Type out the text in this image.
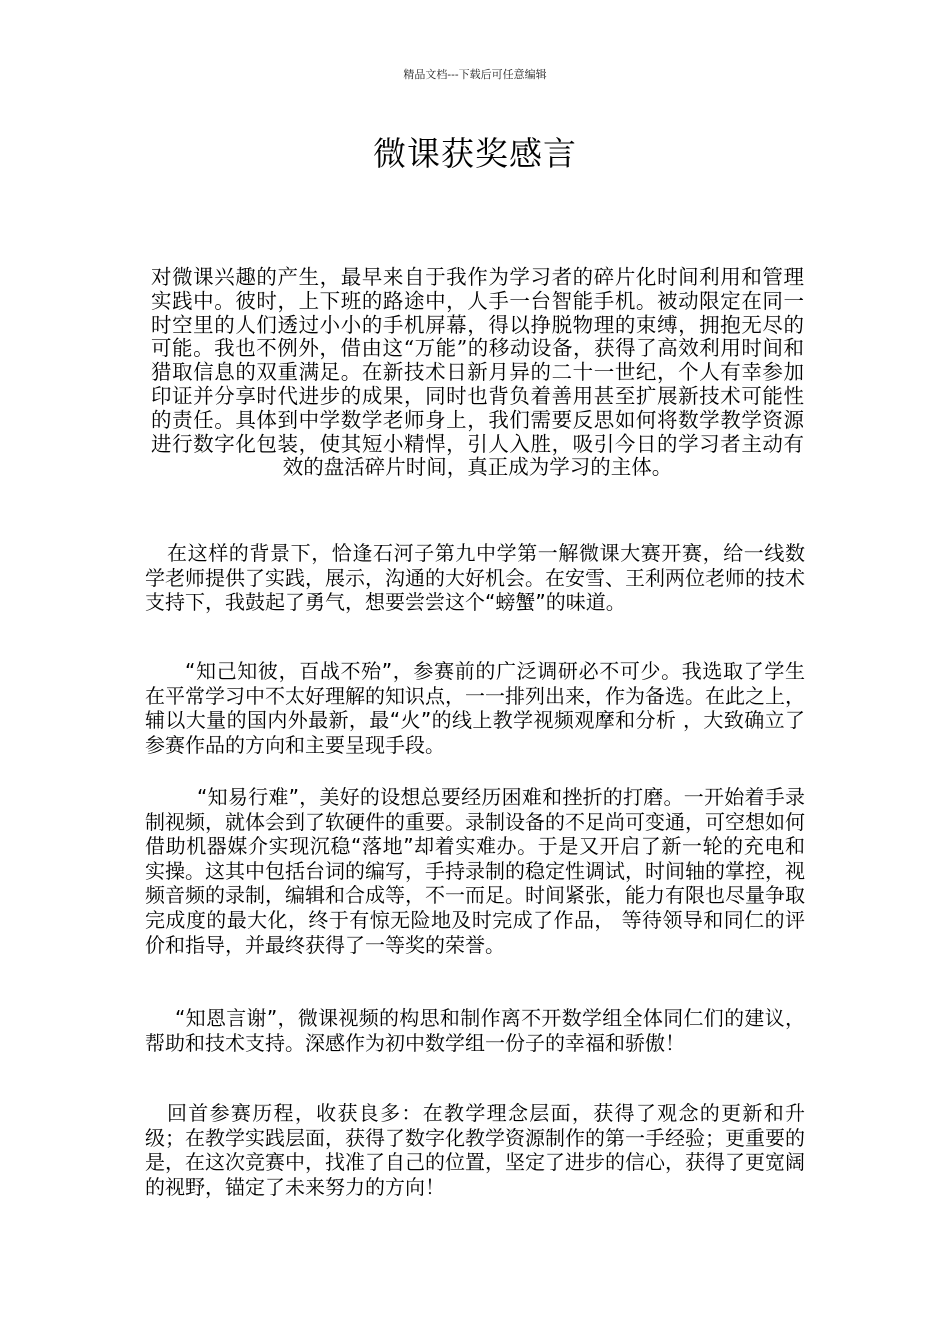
精品文档---下载后可任意编辑
微课获奖感言

对微课兴趣的产生，最早来自于我作为学习者的碎片化时间利用和管理实践中。彼时，上下班的路途中，人手一台智能手机。被动限定在同一时空里的人们透过小小的手机屏幕，得以挣脱物理的束缚，拥抱无尽的可能。我也不例外，借由这“万能”的移动设备，获得了高效利用时间和猎取信息的双重满足。在新技术日新月异的二十一世纪，个人有幸参加印证并分享时代进步的成果，同时也背负着善用甚至扩展新技术可能性的责任。具体到中学数学老师身上，我们需要反思如何将数学教学资源进行数字化包装，使其短小精悍，引人入胜，吸引今日的学习者主动有效的盘活碎片时间，真正成为学习的主体。

在这样的背景下，恰逢石河子第九中学第一解微课大赛开赛，给一线数学老师提供了实践，展示，沟通的大好机会。在安雪、王利两位老师的技术支持下，我鼓起了勇气，想要尝尝这个“螃蟹”的味道。

“知己知彼，百战不殆”，参赛前的广泛调研必不可少。我选取了学生在平常学习中不太好理解的知识点，一一排列出来，作为备选。在此之上，辅以大量的国内外最新，最“火”的线上教学视频观摩和分析 ，大致确立了参赛作品的方向和主要呈现手段。

“知易行难”，美好的设想总要经历困难和挫折的打磨。一开始着手录制视频，就体会到了软硬件的重要。录制设备的不足尚可变通，可空想如何借助机器媒介实现沉稳“落地”却着实难办。于是又开启了新一轮的充电和实操。这其中包括台词的编写，手持录制的稳定性调试，时间轴的掌控，视频音频的录制，编辑和合成等，不一而足。时间紧张，能力有限也尽量争取完成度的最大化，终于有惊无险地及时完成了作品， 等待领导和同仁的评价和指导，并最终获得了一等奖的荣誉。

“知恩言谢”，微课视频的构思和制作离不开数学组全体同仁们的建议，帮助和技术支持。深感作为初中数学组一份子的幸福和骄傲！

回首参赛历程，收获良多：在教学理念层面，获得了观念的更新和升级；在教学实践层面，获得了数字化教学资源制作的第一手经验；更重要的是，在这次竞赛中，找准了自己的位置，坚定了进步的信心，获得了更宽阔的视野，锚定了未来努力的方向！
